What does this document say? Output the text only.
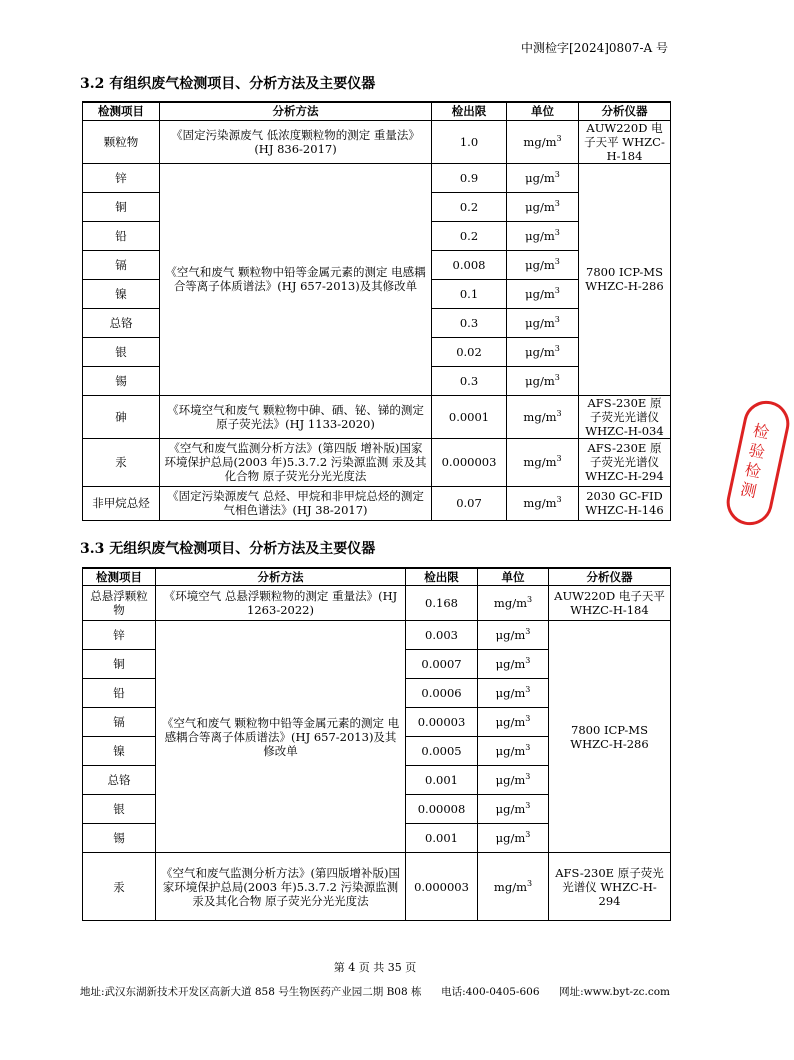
中测检字[2024]0807-A 号
3.2 有组织废气检测项目、分析方法及主要仪器
检测项目	分析方法	检出限	单位	分析仪器
颗粒物	《固定污染源废气 低浓度颗粒物的测定 重量法》(HJ 836-2017)	1.0	$mg/m^3$	AUW220D 电子天平 WHZC-H-184
锌	《空气和废气 颗粒物中铅等金属元素的测定 电感耦合等离子体质谱法》(HJ 657-2013)及其修改单	0.9	$\mu g/m^3$	7800 ICP-MS WHZC-H-286
铜		0.2	$\mu g/m^3$
铅		0.2	$\mu g/m^3$
镉		0.008	$\mu g/m^3$
镍		0.1	$\mu g/m^3$
总铬		0.3	$\mu g/m^3$
银		0.02	$\mu g/m^3$
锡		0.3	$\mu g/m^3$
砷	《环境空气和废气 颗粒物中砷、硒、铋、锑的测定 原子荧光法》(HJ 1133-2020)	0.0001	$mg/m^3$	AFS-230E 原子荧光光谱仪 WHZC-H-034
汞	《空气和废气监测分析方法》(第四版 增补版)国家环境保护总局(2003 年)5.3.7.2 污染源监测 汞及其化合物 原子荧光分光光度法	0.000003	$mg/m^3$	AFS-230E 原子荧光光谱仪 WHZC-H-294
非甲烷总烃	《固定污染源废气 总烃、甲烷和非甲烷总烃的测定 气相色谱法》(HJ 38-2017)	0.07	$mg/m^3$	2030 GC-FID WHZC-H-146
3.3 无组织废气检测项目、分析方法及主要仪器
检测项目	分析方法	检出限	单位	分析仪器
总悬浮颗粒物	《环境空气 总悬浮颗粒物的测定 重量法》(HJ 1263-2022)	0.168	$mg/m^3$	AUW220D 电子天平 WHZC-H-184
锌	《空气和废气 颗粒物中铅等金属元素的测定 电感耦合等离子体质谱法》(HJ 657-2013)及其修改单	0.003	$\mu g/m^3$	7800 ICP-MS WHZC-H-286
铜		0.0007	$\mu g/m^3$
铅		0.0006	$\mu g/m^3$
镉		0.00003	$\mu g/m^3$
镍		0.0005	$\mu g/m^3$
总铬		0.001	$\mu g/m^3$
银		0.00008	$\mu g/m^3$
锡		0.001	$\mu g/m^3$
汞	《空气和废气监测分析方法》(第四版增补版)国家环境保护总局(2003 年)5.3.7.2 污染源监测 汞及其化合物 原子荧光分光光度法	0.000003	$mg/m^3$	AFS-230E 原子荧光光谱仪 WHZC-H-294
第 4 页 共 35 页
地址:武汉东湖新技术开发区高新大道 858 号生物医药产业园二期 B08 栋 电话:400-0405-606 网址:www.byt-zc.com
检验检测
